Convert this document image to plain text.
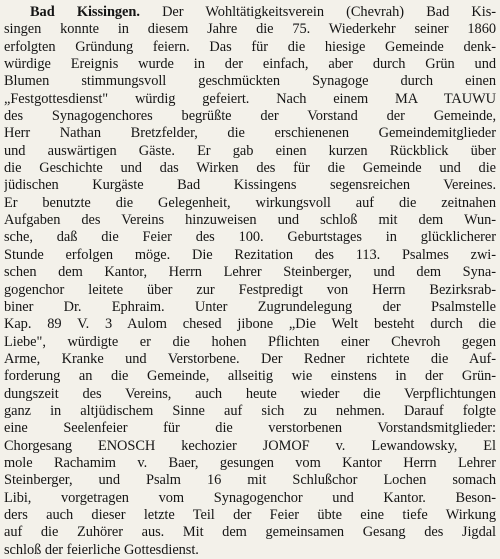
Bad Kissingen. Der Wohltätigkeitsverein (Chevrah) Bad Kis-
singen konnte in diesem Jahre die 75. Wiederkehr seiner 1860
erfolgten Gründung feiern. Das für die hiesige Gemeinde denk-
würdige Ereignis wurde in der einfach, aber durch Grün und
Blumen stimmungsvoll geschmückten Synagoge durch einen
„Festgottesdienst" würdig gefeiert. Nach einem MA TAUWU
des Synagogenchores begrüßte der Vorstand der Gemeinde,
Herr Nathan Bretzfelder, die erschienenen Gemeindemitglieder
und auswärtigen Gäste. Er gab einen kurzen Rückblick über
die Geschichte und das Wirken des für die Gemeinde und die
jüdischen Kurgäste Bad Kissingens segensreichen Vereines.
Er benutzte die Gelegenheit, wirkungsvoll auf die zeitnahen
Aufgaben des Vereins hinzuweisen und schloß mit dem Wun-
sche, daß die Feier des 100. Geburtstages in glücklicherer
Stunde erfolgen möge. Die Rezitation des 113. Psalmes zwi-
schen dem Kantor, Herrn Lehrer Steinberger, und dem Syna-
gogenchor leitete über zur Festpredigt von Herrn Bezirksrab-
biner Dr. Ephraim. Unter Zugrundelegung der Psalmstelle
Kap. 89 V. 3 Aulom chesed jibone „Die Welt besteht durch die
Liebe", würdigte er die hohen Pflichten einer Chevroh gegen
Arme, Kranke und Verstorbene. Der Redner richtete die Auf-
forderung an die Gemeinde, allseitig wie einstens in der Grün-
dungszeit des Vereins, auch heute wieder die Verpflichtungen
ganz in altjüdischem Sinne auf sich zu nehmen. Darauf folgte
eine Seelenfeier für die verstorbenen Vorstandsmitglieder:
Chorgesang ENOSCH kechozier JOMOF v. Lewandowsky, El
mole Rachamim v. Baer, gesungen vom Kantor Herrn Lehrer
Steinberger, und Psalm 16 mit Schlußchor Lochen somach
Libi, vorgetragen vom Synagogenchor und Kantor. Beson-
ders auch dieser letzte Teil der Feier übte eine tiefe Wirkung
auf die Zuhörer aus. Mit dem gemeinsamen Gesang des Jigdal
schloß der feierliche Gottesdienst.
